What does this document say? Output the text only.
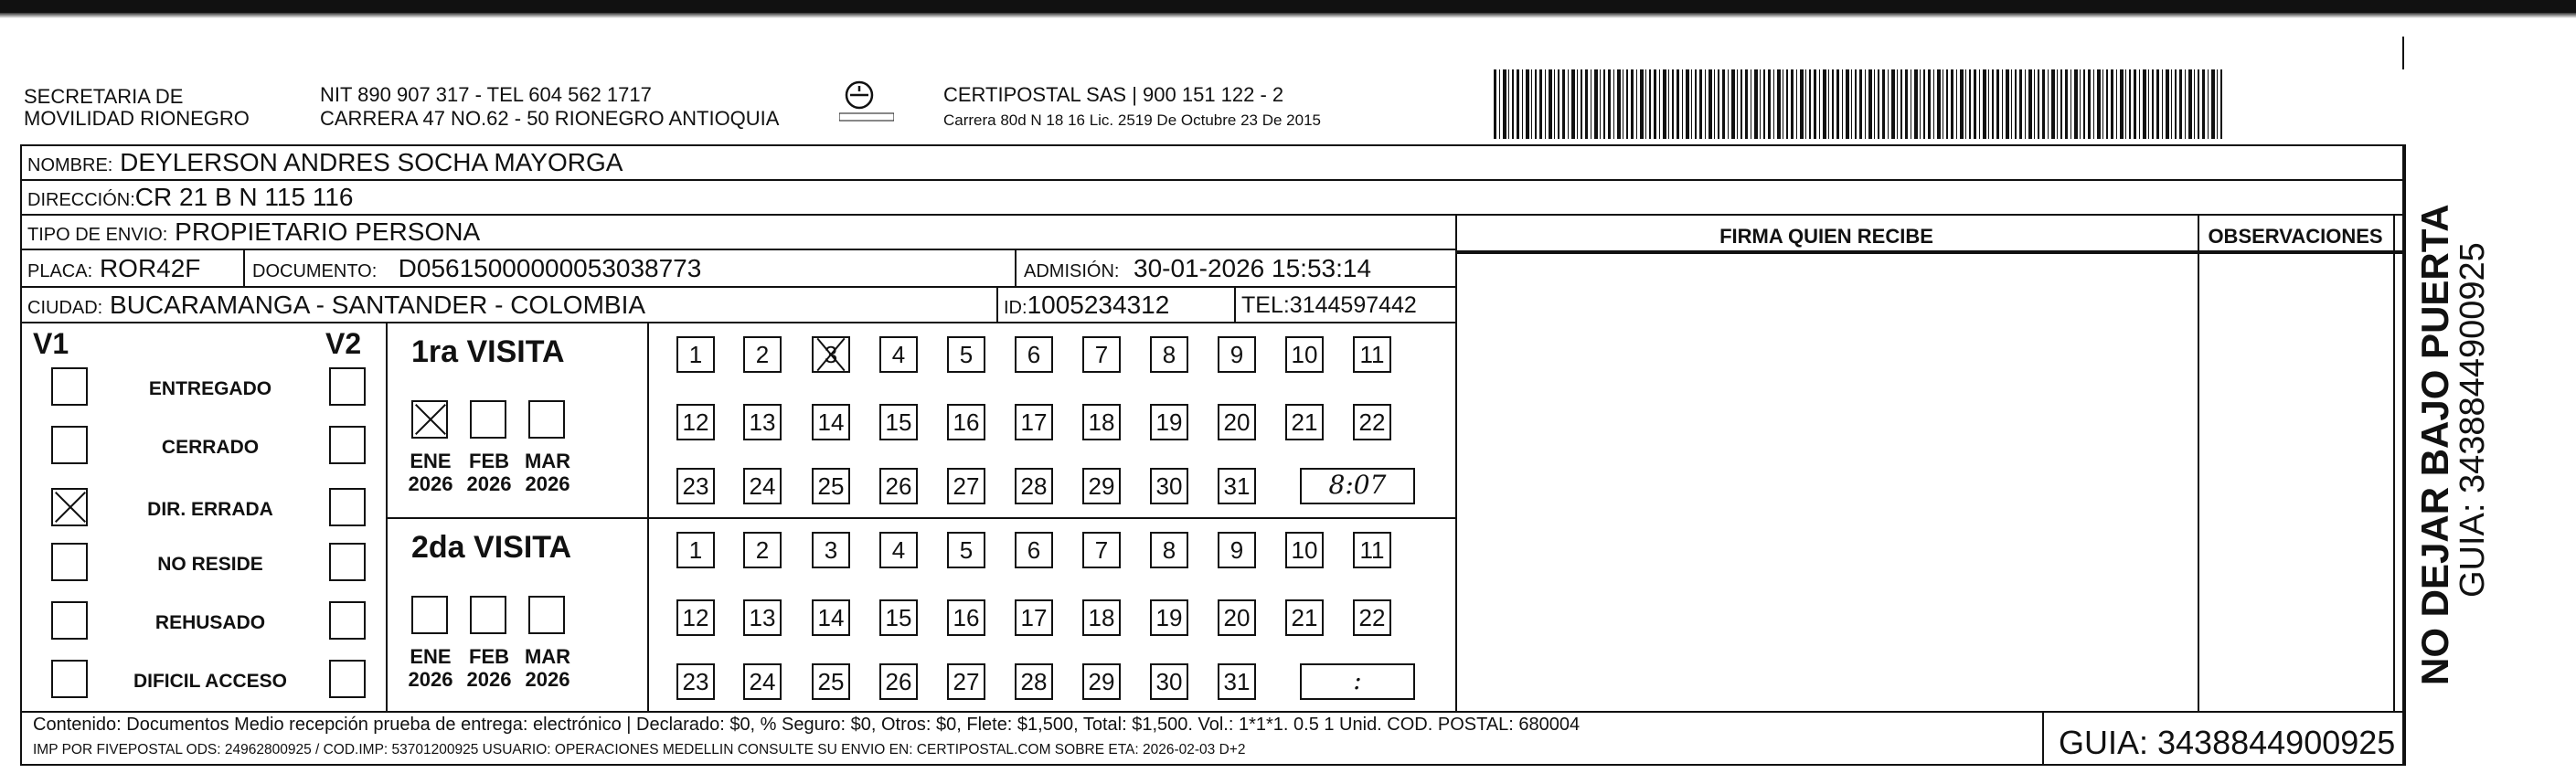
SECRETARIA DE
MOVILIDAD RIONEGRO
NIT 890 907 317 - TEL 604 562 1717
CARRERA 47 NO.62 - 50 RIONEGRO ANTIOQUIA
CERTIPOSTAL SAS | 900 151 122 - 2
Carrera 80d N 18 16 Lic. 2519 De Octubre 23 De 2015
NOMBRE: DEYLERSON ANDRES SOCHA MAYORGA
DIRECCIÓN:CR 21 B N 115 116
TIPO DE ENVIO: PROPIETARIO PERSONA
PLACA: ROR42F	DOCUMENTO: D05615000000053038773	ADMISIÓN: 30-01-2026 15:53:14
CIUDAD: BUCARAMANGA - SANTANDER - COLOMBIA	ID:1005234312	TEL:3144597442
FIRMA QUIEN RECIBE	OBSERVACIONES
V1	V2
ENTREGADO
CERRADO
DIR. ERRADA
NO RESIDE
REHUSADO
DIFICIL ACCESO
1ra VISITA
ENE
2026
FEB
2026
MAR
2026
1	2	3	4	5	6	7	8	9	10 11
12 13 14 15 16 17 18 19 20 21 22
23 24 25 26 27 28 29 30 31	8:07
2da VISITA
ENE
2026
FEB
2026
MAR
2026
1	2	3	4	5	6	7	8	9	10 11
12 13 14 15 16 17 18 19 20 21 22
23 24 25 26 27 28 29 30 31	:
Contenido: Documentos Medio recepción prueba de entrega: electrónico | Declarado: $0, % Seguro: $0, Otros: $0, Flete: $1,500, Total: $1,500. Vol.: 1*1*1. 0.5 1 Unid. COD. POSTAL: 680004
IMP POR FIVEPOSTAL ODS: 24962800925 / COD.IMP: 53701200925 USUARIO: OPERACIONES MEDELLIN CONSULTE SU ENVIO EN: CERTIPOSTAL.COM SOBRE ETA: 2026-02-03 D+2	GUIA: 3438844900925
NO DEJAR BAJO PUERTA
GUIA: 3438844900925
